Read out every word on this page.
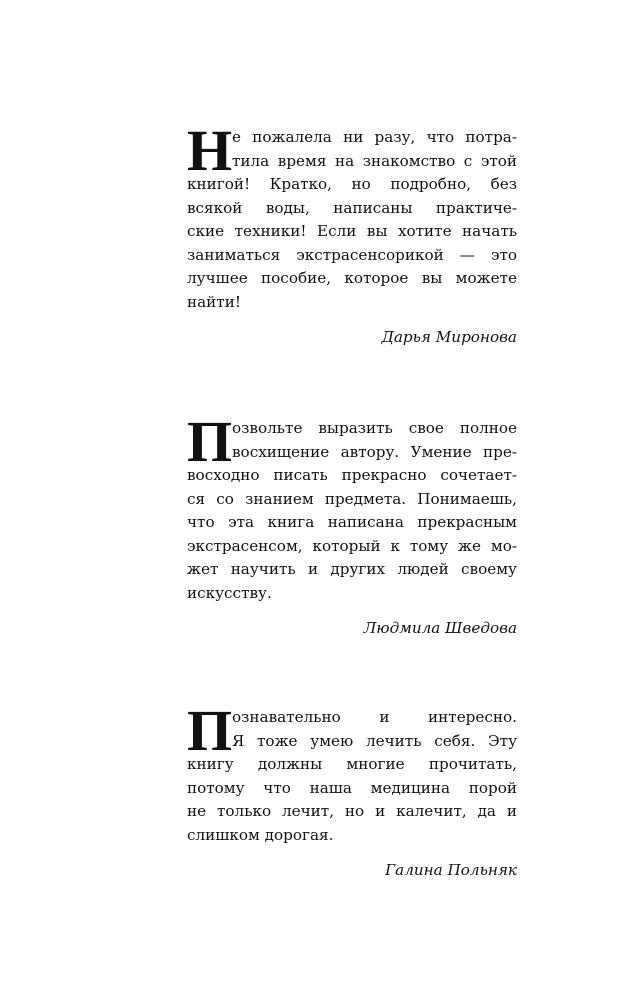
Н е пожалела ни разу, что потра-
тила время на знакомство с этой
книгой! Кратко, но подробно, без
всякой воды, написаны практиче-
ские техники! Если вы хотите начать
заниматься экстрасенсорикой — это
лучшее пособие, которое вы можете
найти!
Дарья Миронова
П озвольте выразить свое полное
восхищение автору. Умение пре-
восходно писать прекрасно сочетает-
ся со знанием предмета. Понимаешь,
что эта книга написана прекрасным
экстрасенсом, который к тому же мо-
жет научить и других людей своему
искусству.
Людмила Шведова
П ознавательно и интересно.
Я тоже умею лечить себя. Эту
книгу должны многие прочитать,
потому что наша медицина порой
не только лечит, но и калечит, да и
слишком дорогая.
Галина Польняк
